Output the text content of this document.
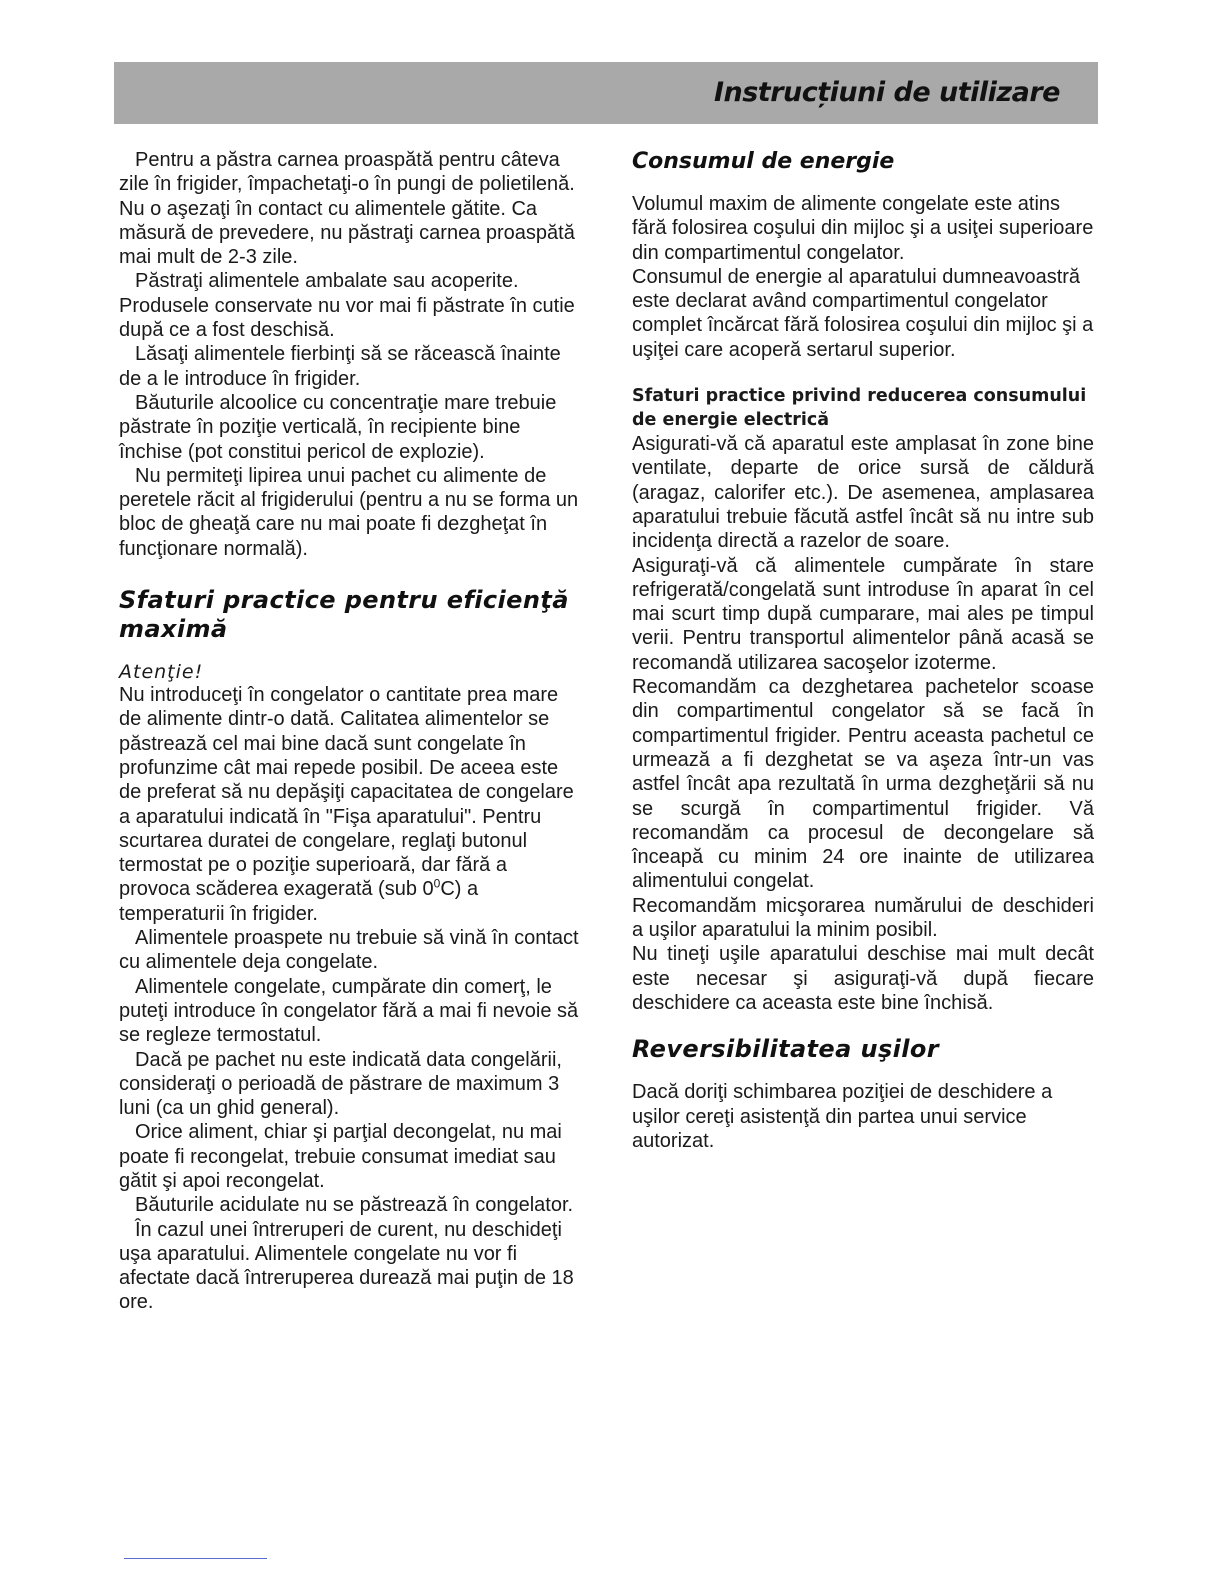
Instrucțiuni de utilizare

Pentru a păstra carnea proaspătă pentru câteva zile în frigider, împachetaţi-o în pungi de polietilenă. Nu o aşezaţi în contact cu alimentele gătite. Ca măsură de prevedere, nu păstraţi carnea proaspătă mai mult de 2-3 zile.

Păstraţi alimentele ambalate sau acoperite. Produsele conservate nu vor mai fi păstrate în cutie după ce a fost deschisă.

Lăsaţi alimentele fierbinţi să se răcească înainte de a le introduce în frigider.

Băuturile alcoolice cu concentraţie mare trebuie păstrate în poziţie verticală, în recipiente bine închise (pot constitui pericol de explozie).

Nu permiteţi lipirea unui pachet cu alimente de peretele răcit al frigiderului (pentru a nu se forma un bloc de gheaţă care nu mai poate fi dezgheţat în funcţionare normală).

Sfaturi practice pentru eficienţă maximă

Atenţie!

Nu introduceţi în congelator o cantitate prea mare de alimente dintr-o dată. Calitatea alimentelor se păstrează cel mai bine dacă sunt congelate în profunzime cât mai repede posibil. De aceea este de preferat să nu depăşiţi capacitatea de congelare a aparatului indicată în "Fişa aparatului". Pentru scurtarea duratei de congelare, reglaţi butonul termostat pe o poziţie superioară, dar fără a provoca scăderea exagerată (sub $0^0C$) a temperaturii în frigider.

Alimentele proaspete nu trebuie să vină în contact cu alimentele deja congelate.

Alimentele congelate, cumpărate din comerţ, le puteţi introduce în congelator fără a mai fi nevoie să se regleze termostatul.

Dacă pe pachet nu este indicată data congelării, consideraţi o perioadă de păstrare de maximum 3 luni (ca un ghid general).

Orice aliment, chiar şi parţial decongelat, nu mai poate fi recongelat, trebuie consumat imediat sau gătit şi apoi recongelat.

Băuturile acidulate nu se păstrează în congelator.

În cazul unei întreruperi de curent, nu deschideţi uşa aparatului. Alimentele congelate nu vor fi afectate dacă întreruperea durează mai puţin de 18 ore.

Consumul de energie

Volumul maxim de alimente congelate este atins fără folosirea coşului din mijloc şi a usiţei superioare din compartimentul congelator.

Consumul de energie al aparatului dumneavoastră este declarat având compartimentul congelator complet încărcat fără folosirea coşului din mijloc şi a uşiţei care acoperă sertarul superior.

Sfaturi practice privind reducerea consumului de energie electrică

Asigurati-vă că aparatul este amplasat în zone bine ventilate, departe de orice sursă de căldură (aragaz, calorifer etc.). De asemenea, amplasarea aparatului trebuie făcută astfel încât să nu intre sub incidenţa directă a razelor de soare.

Asiguraţi-vă că alimentele cumpărate în stare refrigerată/congelată sunt introduse în aparat în cel mai scurt timp după cumparare, mai ales pe timpul verii. Pentru transportul alimentelor până acasă se recomandă utilizarea sacoşelor izoterme.

Recomandăm ca dezghetarea pachetelor scoase din compartimentul congelator să se facă în compartimentul frigider. Pentru aceasta pachetul ce urmează a fi dezghetat se va aşeza într-un vas astfel încât apa rezultată în urma dezgheţării să nu se scurgă în compartimentul frigider. Vă recomandăm ca procesul de decongelare să înceapă cu minim 24 ore inainte de utilizarea alimentului congelat.

Recomandăm micşorarea numărului de deschideri a uşilor aparatului la minim posibil.

Nu tineţi uşile aparatului deschise mai mult decât este necesar şi asiguraţi-vă după fiecare deschidere ca aceasta este bine închisă.

Reversibilitatea uşilor

Dacă doriţi schimbarea poziţiei de deschidere a uşilor cereţi asistenţă din partea unui service autorizat.
